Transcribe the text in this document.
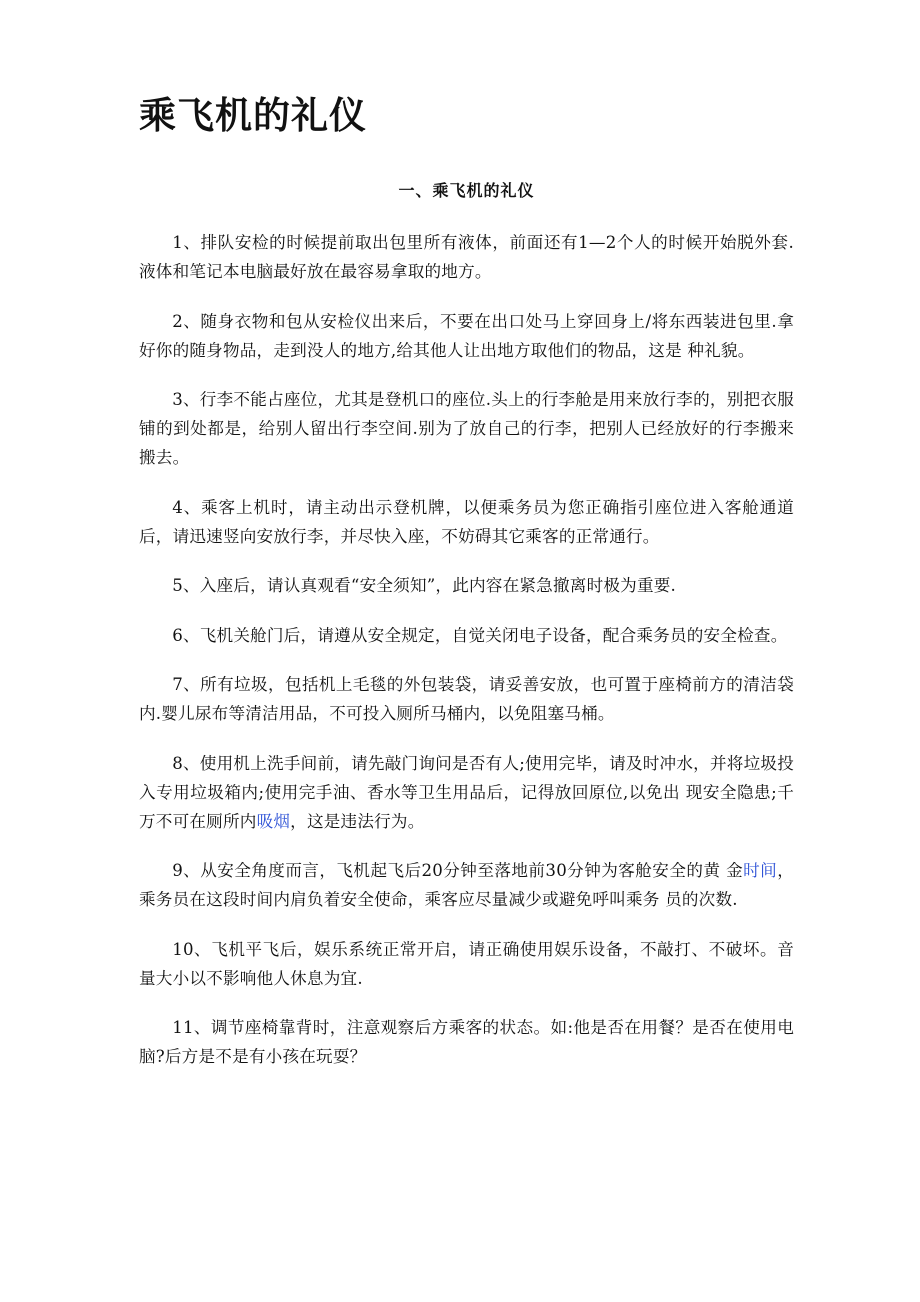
乘飞机的礼仪
一、乘飞机的礼仪

1、排队安检的时候提前取出包里所有液体，前面还有1—2个人的时候开始脱外套.液体和笔记本电脑最好放在最容易拿取的地方。

2、随身衣物和包从安检仪出来后，不要在出口处马上穿回身上/将东西装进包里.拿好你的随身物品，走到没人的地方,给其他人让出地方取他们的物品，这是 种礼貌。

3、行李不能占座位，尤其是登机口的座位.头上的行李舱是用来放行李的，别把衣服铺的到处都是，给别人留出行李空间.别为了放自己的行李，把别人已经放好的行李搬来搬去。

4、乘客上机时，请主动出示登机牌，以便乘务员为您正确指引座位进入客舱通道后，请迅速竖向安放行李，并尽快入座，不妨碍其它乘客的正常通行。

5、入座后，请认真观看“安全须知”，此内容在紧急撤离时极为重要.

6、飞机关舱门后，请遵从安全规定，自觉关闭电子设备，配合乘务员的安全检查。

7、所有垃圾，包括机上毛毯的外包装袋，请妥善安放，也可置于座椅前方的清洁袋内.婴儿尿布等清洁用品，不可投入厕所马桶内，以免阻塞马桶。

8、使用机上洗手间前，请先敲门询问是否有人;使用完毕，请及时冲水，并将垃圾投入专用垃圾箱内;使用完手油、香水等卫生用品后，记得放回原位,以免出 现安全隐患;千万不可在厕所内吸烟，这是违法行为。

9、从安全角度而言，飞机起飞后20分钟至落地前30分钟为客舱安全的黄 金时间，乘务员在这段时间内肩负着安全使命，乘客应尽量减少或避免呼叫乘务 员的次数.

10、飞机平飞后，娱乐系统正常开启，请正确使用娱乐设备，不敲打、不破坏。音量大小以不影响他人休息为宜.

11、调节座椅靠背时，注意观察后方乘客的状态。如:他是否在用餐？是否在使用电脑?后方是不是有小孩在玩耍？
